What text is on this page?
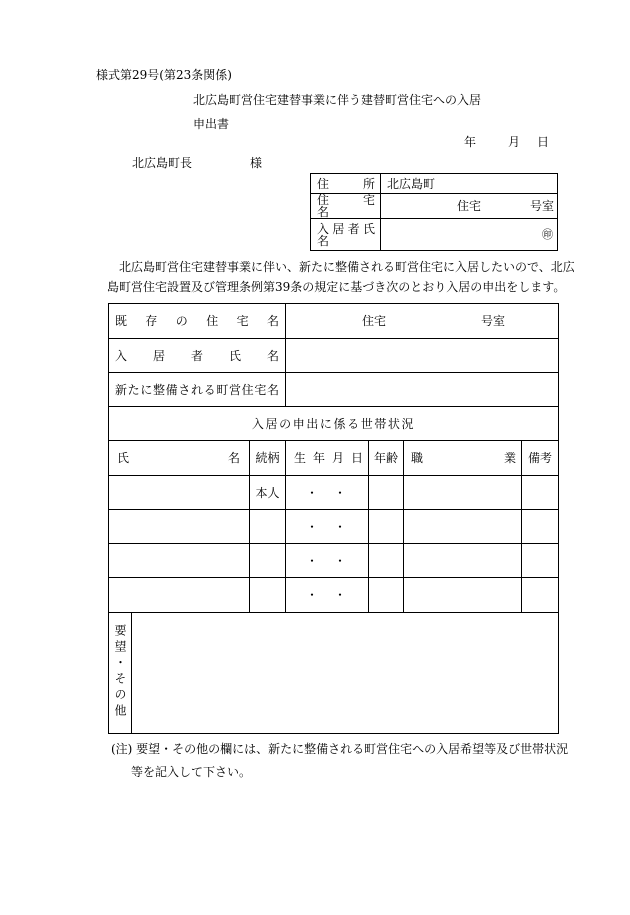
様式第29号(第23条関係)
北広島町営住宅建替事業に伴う建替町営住宅への入居
申出書
年	月 日
北広島町長	様
住　　所	北広島町

住　宅　名	住宅 号室

入居者氏名	㊞
北広島町営住宅建替事業に伴い、新たに整備される町営住宅に入居したいので、北広
島町営住宅設置及び管理条例第39条の規定に基づき次のとおり入居の申出をします。
既　存　の　住　宅　名			住宅 号室			

入　居　者　氏　名						

新たに整備される町営住宅名						

入居の申出に係る世帯状況						

氏　　　名		続柄	生 年 月 日	年齢	職　　　業	備考

		本人	・　・			

			・　・			

			・　・			

			・　・			

要望・その他						
(注) 要望・その他の欄には、新たに整備される町営住宅への入居希望等及び世帯状況
等を記入して下さい。
